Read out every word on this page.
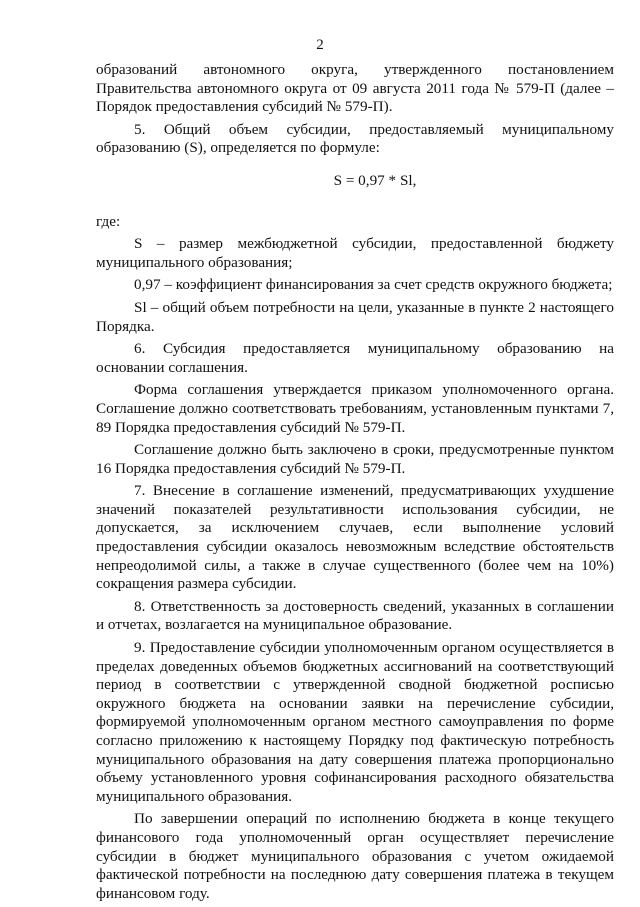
2

образований автономного округа, утвержденного постановлением Правительства автономного округа от 09 августа 2011 года № 579-П (далее – Порядок предоставления субсидий № 579-П).

5. Общий объем субсидии, предоставляемый муниципальному образованию (S), определяется по формуле:

S = 0,97 * Sl,

где:

S – размер межбюджетной субсидии, предоставленной бюджету муниципального образования;

0,97 – коэффициент финансирования за счет средств окружного бюджета;

Sl – общий объем потребности на цели, указанные в пункте 2 настоящего Порядка.

6. Субсидия предоставляется муниципальному образованию на основании соглашения.

Форма соглашения утверждается приказом уполномоченного органа. Соглашение должно соответствовать требованиям, установленным пунктами 7, 89 Порядка предоставления субсидий № 579-П.

Соглашение должно быть заключено в сроки, предусмотренные пунктом 16 Порядка предоставления субсидий № 579-П.

7. Внесение в соглашение изменений, предусматривающих ухудшение значений показателей результативности использования субсидии, не допускается, за исключением случаев, если выполнение условий предоставления субсидии оказалось невозможным вследствие обстоятельств непреодолимой силы, а также в случае существенного (более чем на 10%) сокращения размера субсидии.

8. Ответственность за достоверность сведений, указанных в соглашении и отчетах, возлагается на муниципальное образование.

9. Предоставление субсидии уполномоченным органом осуществляется в пределах доведенных объемов бюджетных ассигнований на соответствующий период в соответствии с утвержденной сводной бюджетной росписью окружного бюджета на основании заявки на перечисление субсидии, формируемой уполномоченным органом местного самоуправления по форме согласно приложению к настоящему Порядку под фактическую потребность муниципального образования на дату совершения платежа пропорционально объему установленного уровня софинансирования расходного обязательства муниципального образования.

По завершении операций по исполнению бюджета в конце текущего финансового года уполномоченный орган осуществляет перечисление субсидии в бюджет муниципального образования с учетом ожидаемой фактической потребности на последнюю дату совершения платежа в текущем финансовом году.
